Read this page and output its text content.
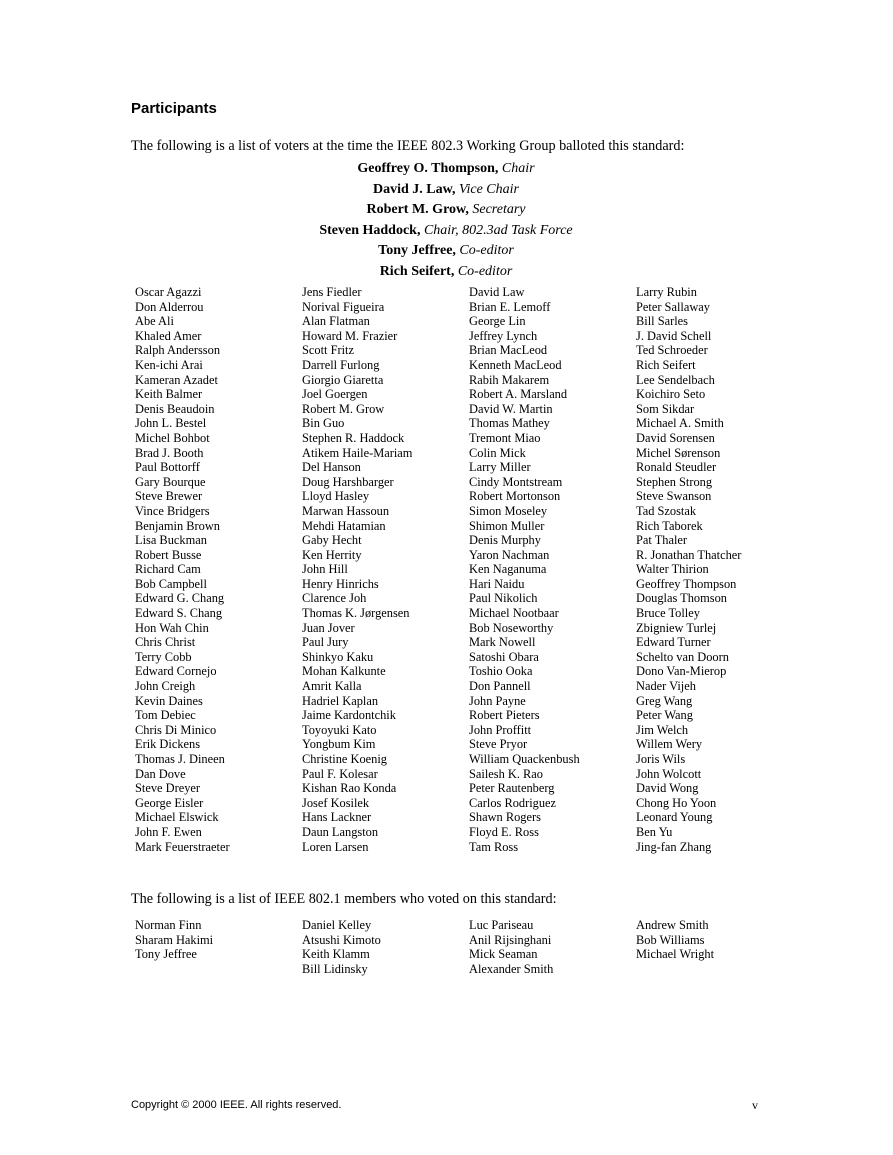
Participants
The following is a list of voters at the time the IEEE 802.3 Working Group balloted this standard:
Geoffrey O. Thompson, Chair
David J. Law, Vice Chair
Robert M. Grow, Secretary
Steven Haddock, Chair, 802.3ad Task Force
Tony Jeffree, Co-editor
Rich Seifert, Co-editor
Oscar Agazzi
Don Alderrou
Abe Ali
Khaled Amer
Ralph Andersson
Ken-ichi Arai
Kameran Azadet
Keith Balmer
Denis Beaudoin
John L. Bestel
Michel Bohbot
Brad J. Booth
Paul Bottorff
Gary Bourque
Steve Brewer
Vince Bridgers
Benjamin Brown
Lisa Buckman
Robert Busse
Richard Cam
Bob Campbell
Edward G. Chang
Edward S. Chang
Hon Wah Chin
Chris Christ
Terry Cobb
Edward Cornejo
John Creigh
Kevin Daines
Tom Debiec
Chris Di Minico
Erik Dickens
Thomas J. Dineen
Dan Dove
Steve Dreyer
George Eisler
Michael Elswick
John F. Ewen
Mark Feuerstraeter
Jens Fiedler
Norival Figueira
Alan Flatman
Howard M. Frazier
Scott Fritz
Darrell Furlong
Giorgio Giaretta
Joel Goergen
Robert M. Grow
Bin Guo
Stephen R. Haddock
Atikem Haile-Mariam
Del Hanson
Doug Harshbarger
Lloyd Hasley
Marwan Hassoun
Mehdi Hatamian
Gaby Hecht
Ken Herrity
John Hill
Henry Hinrichs
Clarence Joh
Thomas K. Jørgensen
Juan Jover
Paul Jury
Shinkyo Kaku
Mohan Kalkunte
Amrit Kalla
Hadriel Kaplan
Jaime Kardontchik
Toyoyuki Kato
Yongbum Kim
Christine Koenig
Paul F. Kolesar
Kishan Rao Konda
Josef Kosilek
Hans Lackner
Daun Langston
Loren Larsen
David Law
Brian E. Lemoff
George Lin
Jeffrey Lynch
Brian MacLeod
Kenneth MacLeod
Rabih Makarem
Robert A. Marsland
David W. Martin
Thomas Mathey
Tremont Miao
Colin Mick
Larry Miller
Cindy Montstream
Robert Mortonson
Simon Moseley
Shimon Muller
Denis Murphy
Yaron Nachman
Ken Naganuma
Hari Naidu
Paul Nikolich
Michael Nootbaar
Bob Noseworthy
Mark Nowell
Satoshi Obara
Toshio Ooka
Don Pannell
John Payne
Robert Pieters
John Proffitt
Steve Pryor
William Quackenbush
Sailesh K. Rao
Peter Rautenberg
Carlos Rodriguez
Shawn Rogers
Floyd E. Ross
Tam Ross
Larry Rubin
Peter Sallaway
Bill Sarles
J. David Schell
Ted Schroeder
Rich Seifert
Lee Sendelbach
Koichiro Seto
Som Sikdar
Michael A. Smith
David Sorensen
Michel Sørenson
Ronald Steudler
Stephen Strong
Steve Swanson
Tad Szostak
Rich Taborek
Pat Thaler
R. Jonathan Thatcher
Walter Thirion
Geoffrey Thompson
Douglas Thomson
Bruce Tolley
Zbigniew Turlej
Edward Turner
Schelto van Doorn
Dono Van-Mierop
Nader Vijeh
Greg Wang
Peter Wang
Jim Welch
Willem Wery
Joris Wils
John Wolcott
David Wong
Chong Ho Yoon
Leonard Young
Ben Yu
Jing-fan Zhang
The following is a list of IEEE 802.1 members who voted on this standard:
Norman Finn
Sharam Hakimi
Tony Jeffree
Daniel Kelley
Atsushi Kimoto
Keith Klamm
Bill Lidinsky
Luc Pariseau
Anil Rijsinghani
Mick Seaman
Alexander Smith
Andrew Smith
Bob Williams
Michael Wright
Copyright © 2000 IEEE. All rights reserved.	v
